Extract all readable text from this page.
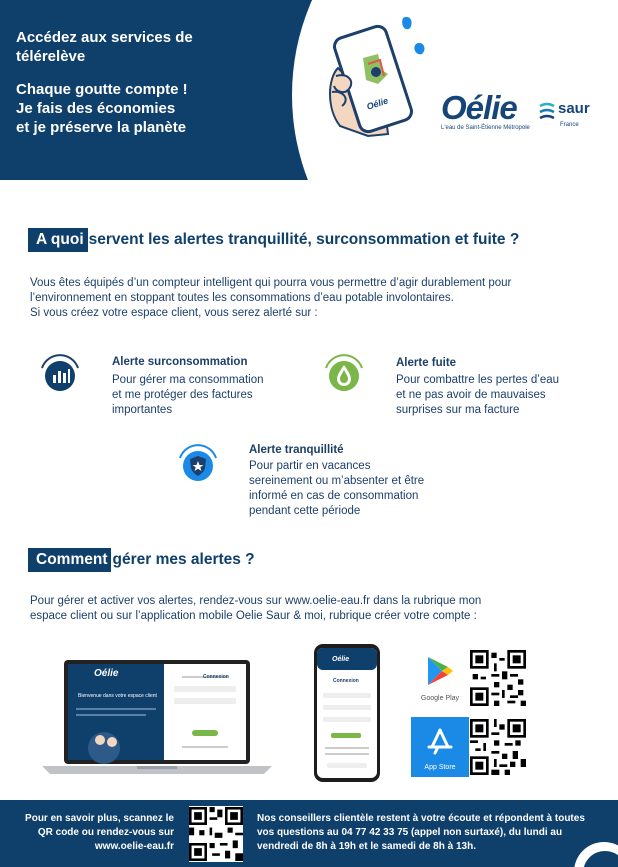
Accédez aux services de
télérelève
Chaque goutte compte !
Je fais des économies
et je préserve la planète
Oélie Oélie
L'eau de Saint-Étienne Métropole
saur
France
A quoi servent les alertes tranquillité, surconsommation et fuite ?
Vous êtes équipés d’un compteur intelligent qui pourra vous permettre d’agir durablement pour
l’environnement en stoppant toutes les consommations d’eau potable involontaires.
Si vous créez votre espace client, vous serez alerté sur :
Alerte surconsommation
Pour gérer ma consommation
et me protéger des factures
importantes
Alerte fuite
Pour combattre les pertes d’eau
et ne pas avoir de mauvaises
surprises sur ma facture
Alerte tranquillité
Pour partir en vacances
sereinement ou m’absenter et être
informé en cas de consommation
pendant cette période
Comment gérer mes alertes ?
Pour gérer et activer vos alertes, rendez-vous sur www.oelie-eau.fr dans la rubrique mon
espace client ou sur l’application mobile Oelie Saur & moi, rubrique créer votre compte :
Oélie
Bienvenue dans votre espace client
Connexion
Oélie
Connexion
Google Play
App Store
Pour en savoir plus, scannez le
QR code ou rendez-vous sur
www.oelie-eau.fr
Nos conseillers clientèle restent à votre écoute et répondent à toutes
vos questions au 04 77 42 33 75 (appel non surtaxé), du lundi au
vendredi de 8h à 19h et le samedi de 8h à 13h.
